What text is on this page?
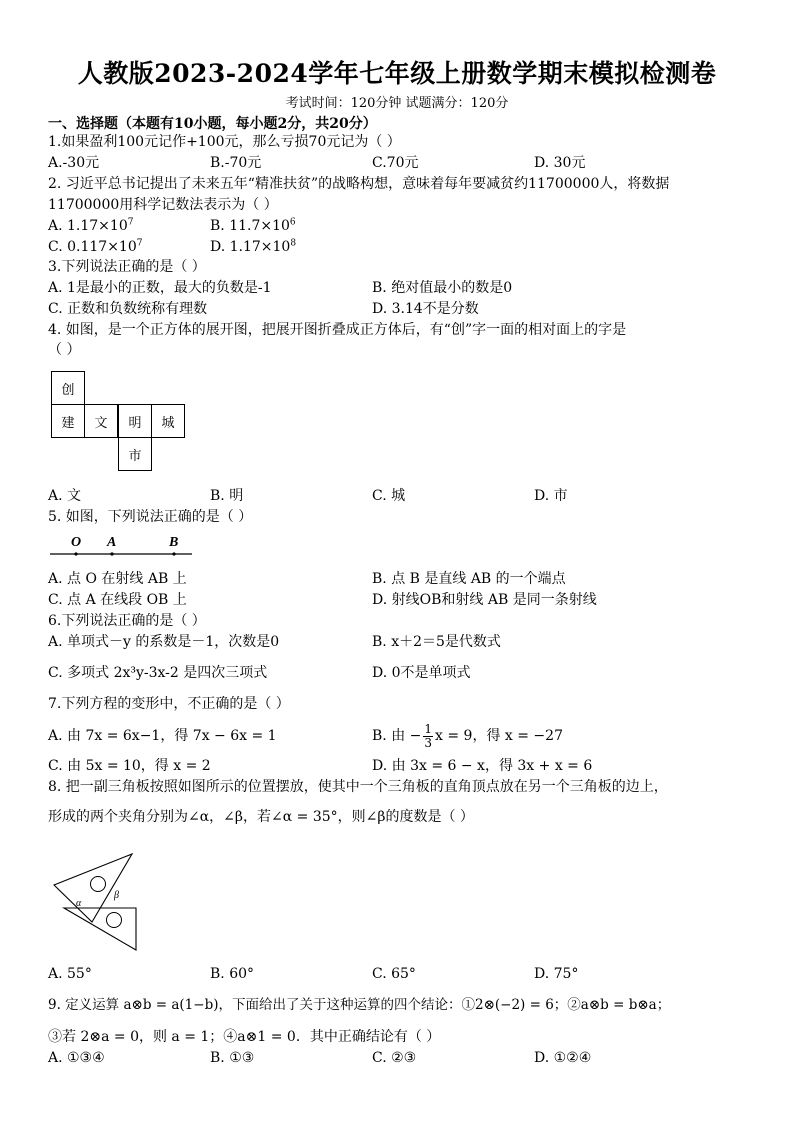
人教版2023-2024学年七年级上册数学期末模拟检测卷
考试时间：120分钟 试题满分：120分
一、选择题（本题有10小题，每小题2分，共20分）
1.如果盈利100元记作+100元，那么亏损70元记为（ ）
A.-30元	B.-70元	C.70元	D. 30元
2. 习近平总书记提出了未来五年“精准扶贫”的战略构想，意味着每年要减贫约11700000人，将数据
11700000用科学记数法表示为（ ）
A. $1.17\times 10^7$	B. $11.7\times 10^6$
C. $0.117\times 10^7$	D. $1.17\times 10^8$
3.下列说法正确的是（ ）
A. 1是最小的正数，最大的负数是-1	B. 绝对值最小的数是0
C. 正数和负数统称有理数	D. 3.14不是分数
4. 如图，是一个正方体的展开图，把展开图折叠成正方体后，有“创”字一面的相对面上的字是
（ ）
创
建	文	明	城
市
A. 文	B. 明	C. 城	D. 市
5. 如图，下列说法正确的是（ ）
O A	B
A. 点 O 在射线 AB 上	B. 点 B 是直线 AB 的一个端点
C. 点 A 在线段 OB 上	D. 射线OB和射线 AB 是同一条射线
6.下列说法正确的是（ ）
A. 单项式－y 的系数是－1，次数是0	B. x＋2＝5是代数式
C. 多项式 2x³y-3x-2 是四次三项式	D. 0不是单项式
7.下列方程的变形中，不正确的是（ ）
A. 由 7x = 6x−1，得 7x − 6x = 1	B. 由 − $\frac{1}{3}$ x = 9，得 x = −27
C. 由 5x = 10，得 x = 2	D. 由 3x = 6 − x，得 3x + x = 6
8. 把一副三角板按照如图所示的位置摆放，使其中一个三角板的直角顶点放在另一个三角板的边上，
形成的两个夹角分别为∠α，∠β，若∠α = 35°，则∠β的度数是（ ）
α
β
A. 55°	B. 60°	C. 65°	D. 75°
9. 定义运算 a⊗b = a(1−b)，下面给出了关于这种运算的四个结论：①2⊗(−2) = 6；②a⊗b = b⊗a；
③若 2⊗a = 0，则 a = 1；④a⊗1 = 0．其中正确结论有（ ）
A. ①③④	B. ①③	C. ②③	D. ①②④
